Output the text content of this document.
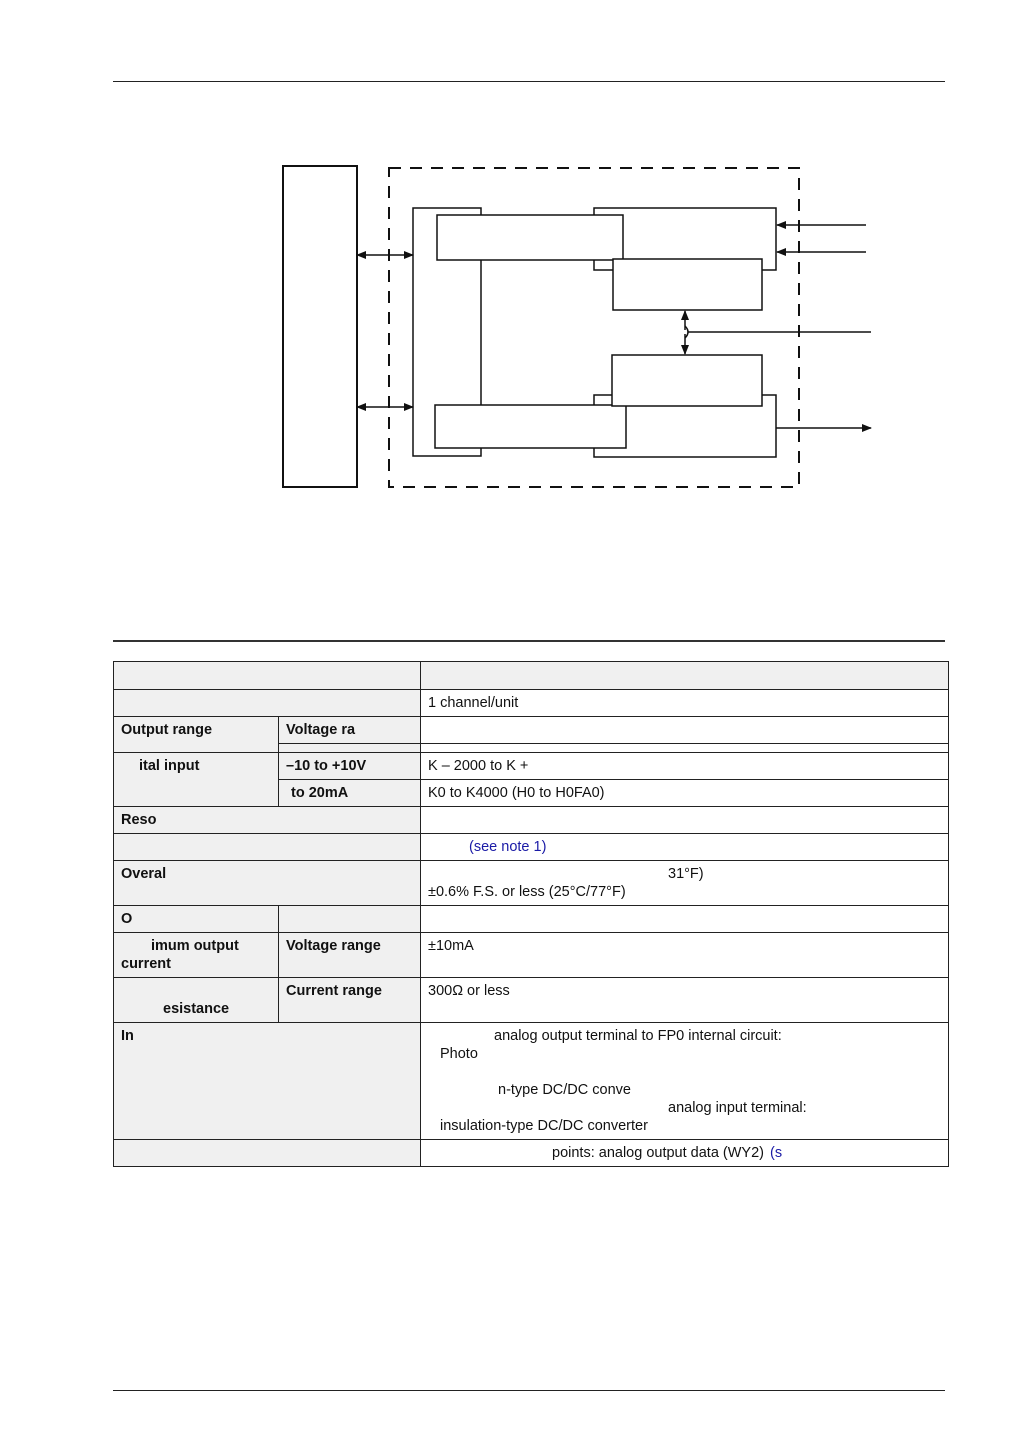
		1 channel/unit
Output range	Voltage ra	

ital input	–10 to +10V	K – 2000 to K +
	to 20mA	K0 to K4000 (H0 to H0FA0)
Reso		
		(see note 1)
Overal		31°F)
±0.6% F.S. or less (25°C/77°F)
O		
imum output
current	Voltage range	±10mA

esistance	Current range	300Ω or less
In		analog output terminal to FP0 internal circuit:
Photo

n-type DC/DC conve
analog input terminal:
insulation-type DC/DC converter
		points: analog output data (WY2) (s
